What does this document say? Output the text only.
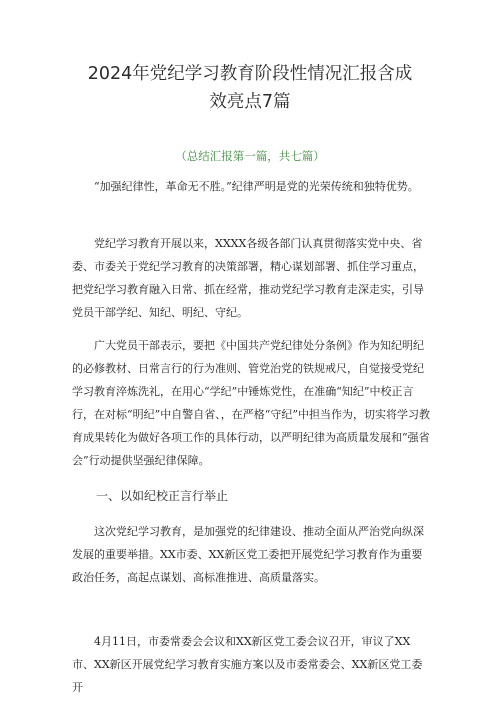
2024年党纪学习教育阶段性情况汇报含成
效亮点7篇
（总结汇报第一篇，共七篇）

“加强纪律性，革命无不胜。”纪律严明是党的光荣传统和独特优势。

党纪学习教育开展以来，XXXX各级各部门认真贯彻落实党中央、省委、市委关于党纪学习教育的决策部署，精心谋划部署、抓住学习重点，把党纪学习教育融入日常、抓在经常，推动党纪学习教育走深走实，引导党员干部学纪、知纪、明纪、守纪。

广大党员干部表示，要把《中国共产党纪律处分条例》作为知纪明纪的必修教材、日常言行的行为准则、管党治党的铁规戒尺，自觉接受党纪学习教育淬炼洗礼，在用心“学纪”中锤炼党性，在准确“知纪”中校正言行，在对标“明纪”中自警自省、，在严格“守纪”中担当作为，切实将学习教育成果转化为做好各项工作的具体行动，以严明纪律为高质量发展和“强省会”行动提供坚强纪律保障。

一、以如纪校正言行举止

这次党纪学习教育，是加强党的纪律建设、推动全面从严治党向纵深发展的重要举措。XX市委、XX新区党工委把开展党纪学习教育作为重要政治任务，高起点谋划、高标准推进、高质量落实。

4月11日，市委常委会会议和XX新区党工委会议召开，审议了XX市、XX新区开展党纪学习教育实施方案以及市委常委会、XX新区党工委开
